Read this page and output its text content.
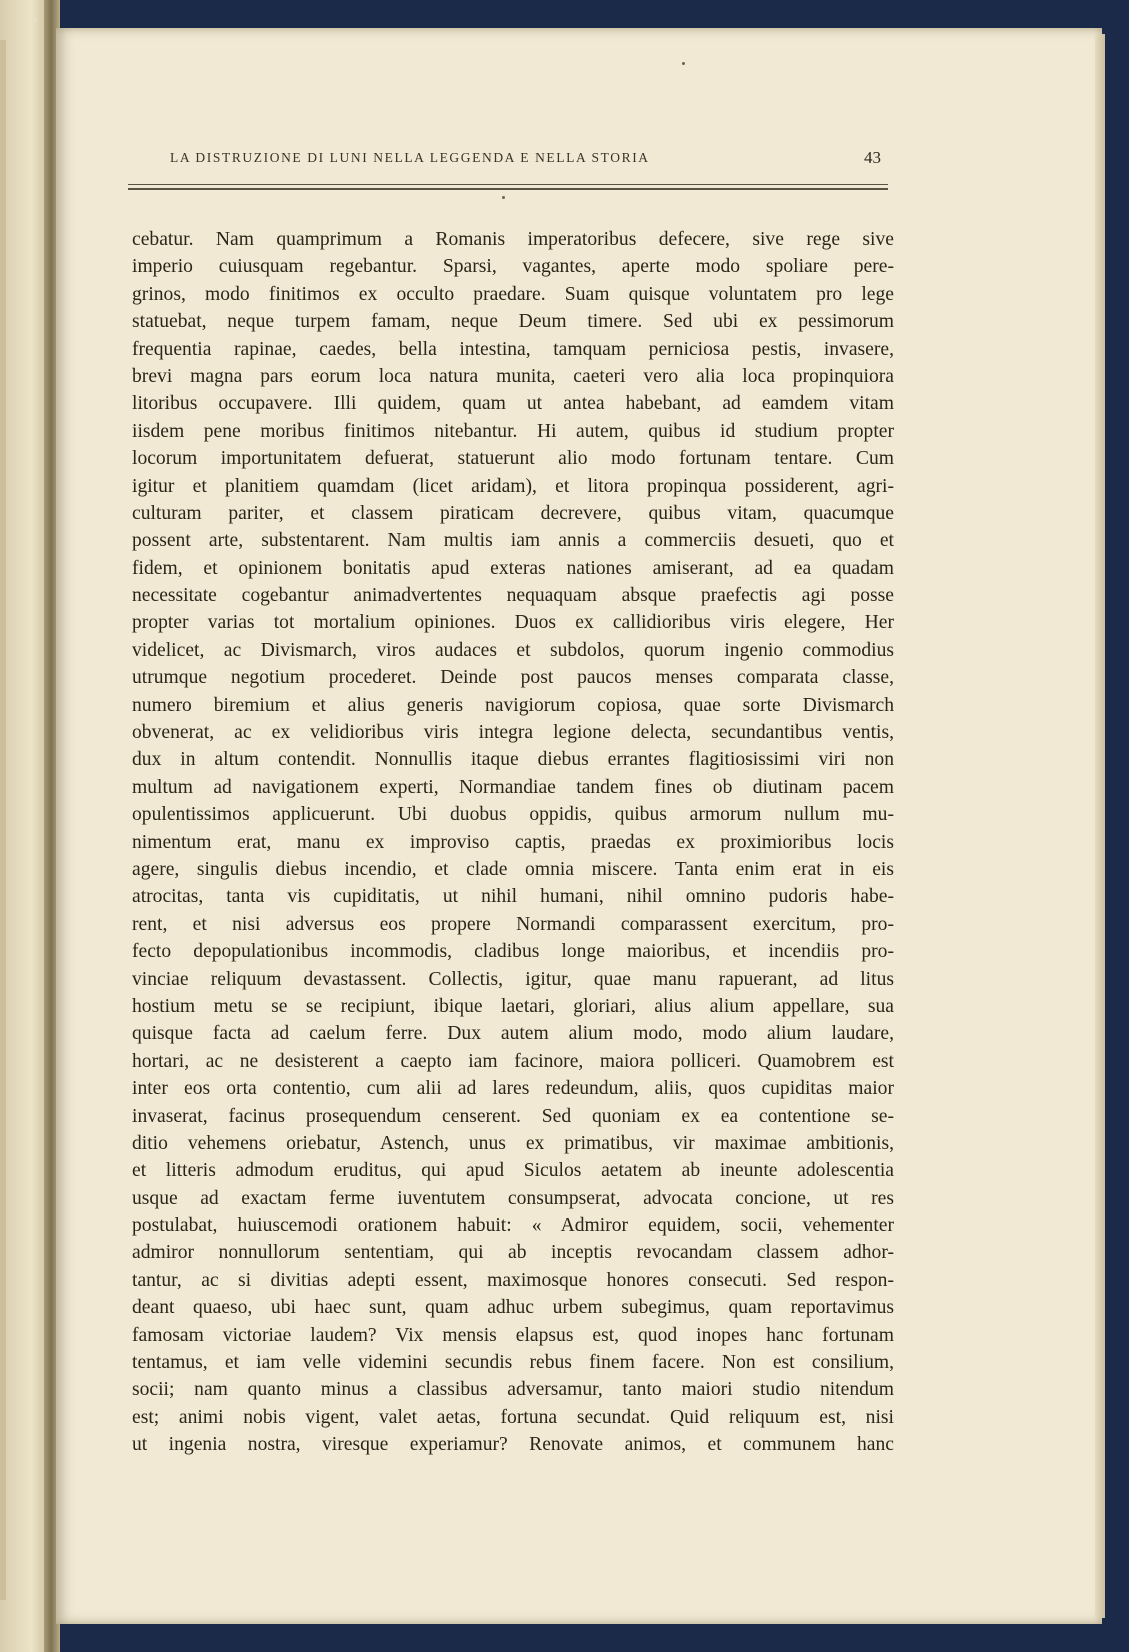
LA DISTRUZIONE DI LUNI NELLA LEGGENDA E NELLA STORIA	43
cebatur. Nam quamprimum a Romanis imperatoribus defecere, sive rege sive
imperio cuiusquam regebantur. Sparsi, vagantes, aperte modo spoliare pere-
grinos, modo finitimos ex occulto praedare. Suam quisque voluntatem pro lege
statuebat, neque turpem famam, neque Deum timere. Sed ubi ex pessimorum
frequentia rapinae, caedes, bella intestina, tamquam perniciosa pestis, invasere,
brevi magna pars eorum loca natura munita, caeteri vero alia loca propinquiora
litoribus occupavere. Illi quidem, quam ut antea habebant, ad eamdem vitam
iisdem pene moribus finitimos nitebantur. Hi autem, quibus id studium propter
locorum importunitatem defuerat, statuerunt alio modo fortunam tentare. Cum
igitur et planitiem quamdam (licet aridam), et litora propinqua possiderent, agri-
culturam pariter, et classem piraticam decrevere, quibus vitam, quacumque
possent arte, substentarent. Nam multis iam annis a commerciis desueti, quo et
fidem, et opinionem bonitatis apud exteras nationes amiserant, ad ea quadam
necessitate cogebantur animadvertentes nequaquam absque praefectis agi posse
propter varias tot mortalium opiniones. Duos ex callidioribus viris elegere, Her
videlicet, ac Divismarch, viros audaces et subdolos, quorum ingenio commodius
utrumque negotium procederet. Deinde post paucos menses comparata classe,
numero biremium et alius generis navigiorum copiosa, quae sorte Divismarch
obvenerat, ac ex velidioribus viris integra legione delecta, secundantibus ventis,
dux in altum contendit. Nonnullis itaque diebus errantes flagitiosissimi viri non
multum ad navigationem experti, Normandiae tandem fines ob diutinam pacem
opulentissimos applicuerunt. Ubi duobus oppidis, quibus armorum nullum mu-
nimentum erat, manu ex improviso captis, praedas ex proximioribus locis
agere, singulis diebus incendio, et clade omnia miscere. Tanta enim erat in eis
atrocitas, tanta vis cupiditatis, ut nihil humani, nihil omnino pudoris habe-
rent, et nisi adversus eos propere Normandi comparassent exercitum, pro-
fecto depopulationibus incommodis, cladibus longe maioribus, et incendiis pro-
vinciae reliquum devastassent. Collectis, igitur, quae manu rapuerant, ad litus
hostium metu se se recipiunt, ibique laetari, gloriari, alius alium appellare, sua
quisque facta ad caelum ferre. Dux autem alium modo, modo alium laudare,
hortari, ac ne desisterent a caepto iam facinore, maiora polliceri. Quamobrem est
inter eos orta contentio, cum alii ad lares redeundum, aliis, quos cupiditas maior
invaserat, facinus prosequendum censerent. Sed quoniam ex ea contentione se-
ditio vehemens oriebatur, Astench, unus ex primatibus, vir maximae ambitionis,
et litteris admodum eruditus, qui apud Siculos aetatem ab ineunte adolescentia
usque ad exactam ferme iuventutem consumpserat, advocata concione, ut res
postulabat, huiuscemodi orationem habuit: « Admiror equidem, socii, vehementer
admiror nonnullorum sententiam, qui ab inceptis revocandam classem adhor-
tantur, ac si divitias adepti essent, maximosque honores consecuti. Sed respon-
deant quaeso, ubi haec sunt, quam adhuc urbem subegimus, quam reportavimus
famosam victoriae laudem? Vix mensis elapsus est, quod inopes hanc fortunam
tentamus, et iam velle videmini secundis rebus finem facere. Non est consilium,
socii; nam quanto minus a classibus adversamur, tanto maiori studio nitendum
est; animi nobis vigent, valet aetas, fortuna secundat. Quid reliquum est, nisi
ut ingenia nostra, viresque experiamur? Renovate animos, et communem hanc
